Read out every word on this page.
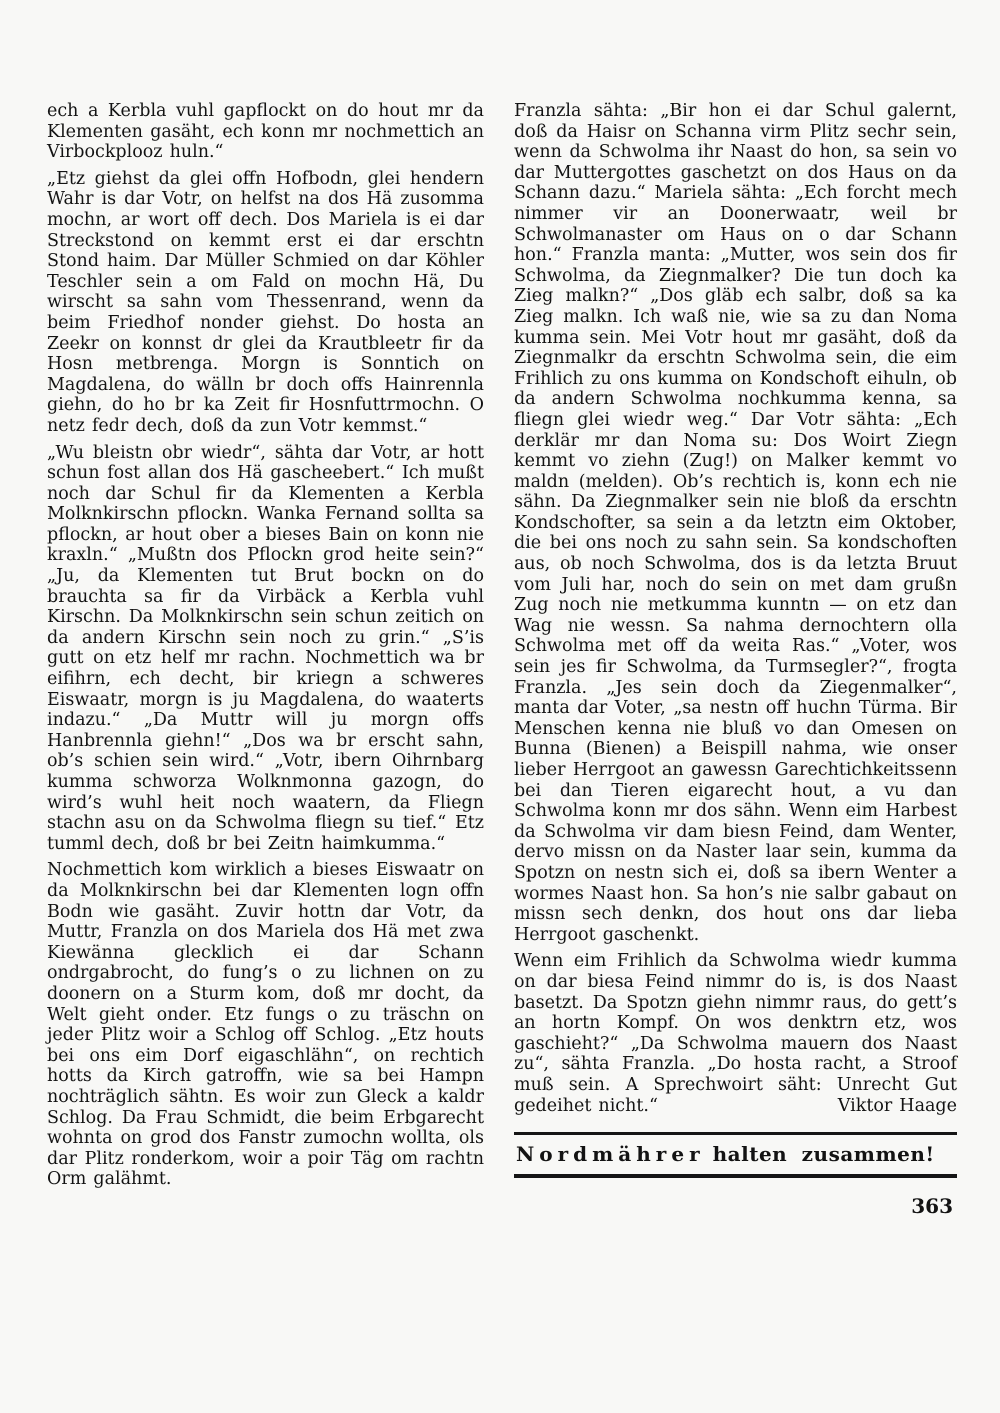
ech a Kerbla vuhl gapflockt on do hout mr da Klementen gasäht, ech konn mr nochmettich an Virbockplooz huln.“

„Etz giehst da glei offn Hofbodn, glei hendern Wahr is dar Votr, on helfst na dos Hä zusomma mochn, ar wort off dech. Dos Mariela is ei dar Streckstond on kemmt erst ei dar erschtn Stond haim. Dar Müller Schmied on dar Köhler Teschler sein a om Fald on mochn Hä, Du wirscht sa sahn vom Thessenrand, wenn da beim Friedhof nonder giehst. Do hosta an Zeekr on konnst dr glei da Krautbleetr fir da Hosn metbrenga. Morgn is Sonntich on Magdalena, do wälln br doch offs Hainrennla giehn, do ho br ka Zeit fir Hosnfuttrmochn. O netz fedr dech, doß da zun Votr kemmst.“

„Wu bleistn obr wiedr“, sähta dar Votr, ar hott schun fost allan dos Hä gascheebert.“ Ich mußt noch dar Schul fir da Klementen a Kerbla Molknkirschn pflockn. Wanka Fernand sollta sa pflockn, ar hout ober a bieses Bain on konn nie kraxln.“ „Mußtn dos Pflockn grod heite sein?“ „Ju, da Klementen tut Brut bockn on do brauchta sa fir da Virbäck a Kerbla vuhl Kirschn. Da Molknkirschn sein schun zeitich on da andern Kirschn sein noch zu grin.“ „S’is gutt on etz helf mr rachn. Nochmettich wa br eifihrn, ech decht, bir kriegn a schweres Eiswaatr, morgn is ju Magdalena, do waaterts indazu.“ „Da Muttr will ju morgn offs Hanbrennla giehn!“ „Dos wa br erscht sahn, ob’s schien sein wird.“ „Votr, ibern Oihrnbarg kumma schworza Wolknmonna gazogn, do wird’s wuhl heit noch waatern, da Fliegn stachn asu on da Schwolma fliegn su tief.“ Etz tumml dech, doß br bei Zeitn haimkumma.“

Nochmettich kom wirklich a bieses Eiswaatr on da Molknkirschn bei dar Klementen logn offn Bodn wie gasäht. Zuvir hottn dar Votr, da Muttr, Franzla on dos Mariela dos Hä met zwa Kiewänna glecklich ei dar Schann ondrgabrocht, do fung’s o zu lichnen on zu doonern on a Sturm kom, doß mr docht, da Welt gieht onder. Etz fungs o zu träschn on jeder Plitz woir a Schlog off Schlog. „Etz houts bei ons eim Dorf eigaschlähn“, on rechtich hotts da Kirch gatroffn, wie sa bei Hampn nochträglich sähtn. Es woir zun Gleck a kaldr Schlog. Da Frau Schmidt, die beim Erbgarecht wohnta on grod dos Fanstr zumochn wollta, ols dar Plitz ronderkom, woir a poir Täg om rachtn Orm galähmt.

Franzla sähta: „Bir hon ei dar Schul galernt, doß da Haisr on Schanna virm Plitz sechr sein, wenn da Schwolma ihr Naast do hon, sa sein vo dar Muttergottes gaschetzt on dos Haus on da Schann dazu.“ Mariela sähta: „Ech forcht mech nimmer vir an Doonerwaatr, weil br Schwolmanaster om Haus on o dar Schann hon.“ Franzla manta: „Mutter, wos sein dos fir Schwolma, da Ziegnmalker? Die tun doch ka Zieg malkn?“ „Dos gläb ech salbr, doß sa ka Zieg malkn. Ich waß nie, wie sa zu dan Noma kumma sein. Mei Votr hout mr gasäht, doß da Ziegnmalkr da erschtn Schwolma sein, die eim Frihlich zu ons kumma on Kondschoft eihuln, ob da andern Schwolma nochkumma kenna, sa fliegn glei wiedr weg.“ Dar Votr sähta: „Ech derklär mr dan Noma su: Dos Woirt Ziegn kemmt vo ziehn (Zug!) on Malker kemmt vo maldn (melden). Ob’s rechtich is, konn ech nie sähn. Da Ziegnmalker sein nie bloß da erschtn Kondschofter, sa sein a da letztn eim Oktober, die bei ons noch zu sahn sein. Sa kondschoften aus, ob noch Schwolma, dos is da letzta Bruut vom Juli har, noch do sein on met dam grußn Zug noch nie metkumma kunntn — on etz dan Wag nie wessn. Sa nahma dernochtern olla Schwolma met off da weita Ras.“ „Voter, wos sein jes fir Schwolma, da Turmsegler?“, frogta Franzla. „Jes sein doch da Ziegenmalker“, manta dar Voter, „sa nestn off huchn Türma. Bir Menschen kenna nie bluß vo dan Omesen on Bunna (Bienen) a Beispill nahma, wie onser lieber Herrgoot an gawessn Garechtichkeitssenn bei dan Tieren eigarecht hout, a vu dan Schwolma konn mr dos sähn. Wenn eim Harbest da Schwolma vir dam biesn Feind, dam Wenter, dervo missn on da Naster laar sein, kumma da Spotzn on nestn sich ei, doß sa ibern Wenter a wormes Naast hon. Sa hon’s nie salbr gabaut on missn sech denkn, dos hout ons dar lieba Herrgoot gaschenkt.

Wenn eim Frihlich da Schwolma wiedr kumma on dar biesa Feind nimmr do is, is dos Naast basetzt. Da Spotzn giehn nimmr raus, do gett’s an hortn Kompf. On wos denktrn etz, wos gaschieht?“ „Da Schwolma mauern dos Naast zu“, sähta Franzla. „Do hosta racht, a Stroof muß sein. A Sprechwoirt säht: Unrecht Gut gedeihet nicht.“	Viktor Haage

Nordmährer halten zusammen!
363
